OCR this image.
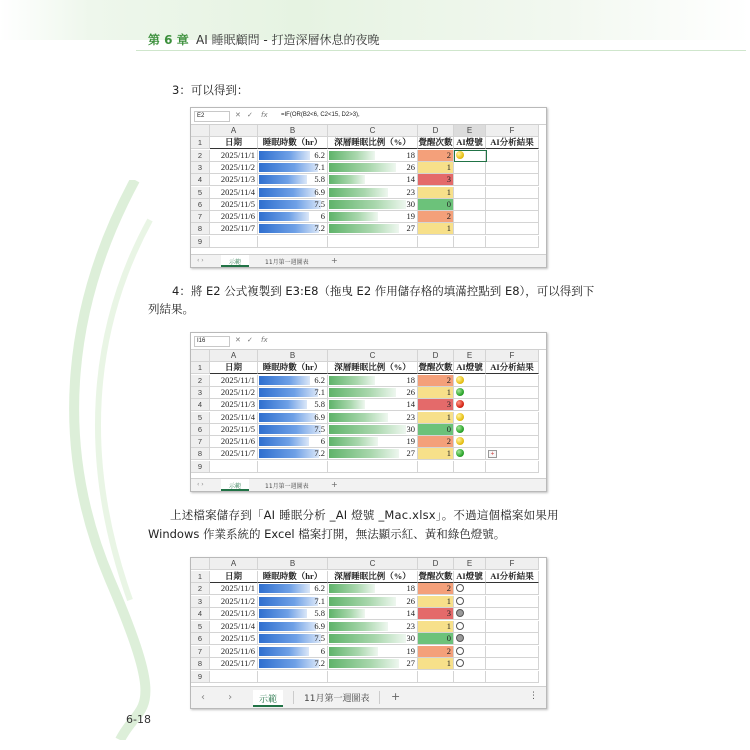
第 6 章 AI 睡眠顧問 - 打造深層休息的夜晚
6-18
3：可以得到：
4：將 E2 公式複製到 E3:E8（拖曳 E2 作用儲存格的填滿控點到 E8），可以得到下
列結果。
上述檔案儲存到「AI 睡眠分析 _AI 燈號 _Mac.xlsx」。不過這個檔案如果用
Windows 作業系統的 Excel 檔案打開，無法顯示紅、黃和綠色燈號。
E2	✕ ✓ fx =IF(OR(B2<6, C2<15, D2>3),
A	B	C	D	E	F
1	日期	睡眠時數（hr）	深層睡眠比例（%） 覺醒次數 AI燈號 AI分析結果
2	2025/11/1	6.2	18	2
3	2025/11/2	7.1	26	1
4	2025/11/3	5.8	14	3
5	2025/11/4	6.9	23	1
6	2025/11/5	7.5	30	0
7	2025/11/6	6	19	2
8	2025/11/7	7.2	27	1
9
‹ ›	示範	11月第一週圖表	+
I16	✕ ✓ fx
A	B	C	D	E	F
1	日期	睡眠時數（hr）	深層睡眠比例（%） 覺醒次數 AI燈號 AI分析結果
2	2025/11/1	6.2	18	2
3	2025/11/2	7.1	26	1
4	2025/11/3	5.8	14	3
5	2025/11/4	6.9	23	1
6	2025/11/5	7.5	30	0
7	2025/11/6	6	19	2
8	2025/11/7	7.2	27	1
9
+
‹ ›	示範	11月第一週圖表	+
A	B	C	D	E	F
1	日期	睡眠時數（hr）	深層睡眠比例（%） 覺醒次數 AI燈號 AI分析結果
2	2025/11/1	6.2	18	2
3	2025/11/2	7.1	26	1
4	2025/11/3	5.8	14	3
5	2025/11/4	6.9	23	1
6	2025/11/5	7.5	30	0
7	2025/11/6	6	19	2
8	2025/11/7	7.2	27	1
9
‹ ›	示範	11月第一週圖表	+	⋮
